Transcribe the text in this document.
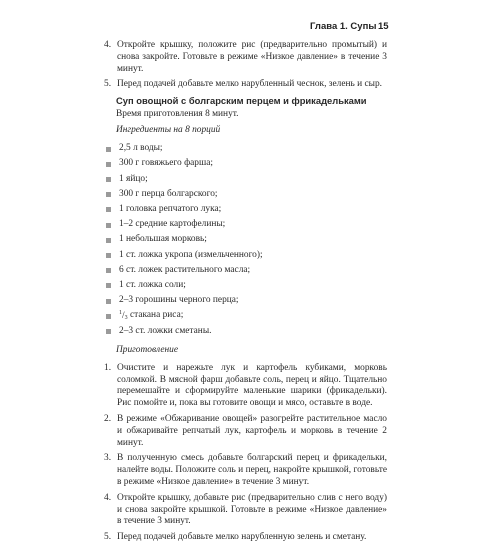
Глава 1. Супы 15
4. Откройте крышку, положите рис (предварительно промытый) и снова закройте. Готовьте в режиме «Низкое давление» в течение 3 минут.
5. Перед подачей добавьте мелко нарубленный чеснок, зелень и сыр.
Суп овощной с болгарским перцем и фрикадельками
Время приготовления 8 минут.
Ингредиенты на 8 порций
2,5 л воды;
300 г говяжьего фарша;
1 яйцо;
300 г перца болгарского;
1 головка репчатого лука;
1–2 средние картофелины;
1 небольшая морковь;
1 ст. ложка укропа (измельченного);
6 ст. ложек растительного масла;
1 ст. ложка соли;
2–3 горошины черного перца;
$^1/_3$
стакана риса;
2–3 ст. ложки сметаны.
Приготовление
1. Очистите и нарежьте лук и картофель кубиками, морковь соломкой. В мясной фарш добавьте соль, перец и яйцо. Тщательно перемешайте и сформируйте маленькие шарики (фрикадельки). Рис помойте и, пока вы готовите овощи и мясо, оставьте в воде.
2. В режиме «Обжаривание овощей» разогрейте растительное масло и обжаривайте репчатый лук, картофель и морковь в течение 2 минут.
3. В полученную смесь добавьте болгарский перец и фрикадельки, налейте воды. Положите соль и перец, накройте крышкой, готовьте в режиме «Низкое давление» в течение 3 минут.
4. Откройте крышку, добавьте рис (предварительно слив с него воду) и снова закройте крышкой. Готовьте в режиме «Низкое давление» в течение 3 минут.
5. Перед подачей добавьте мелко нарубленную зелень и сметану.
